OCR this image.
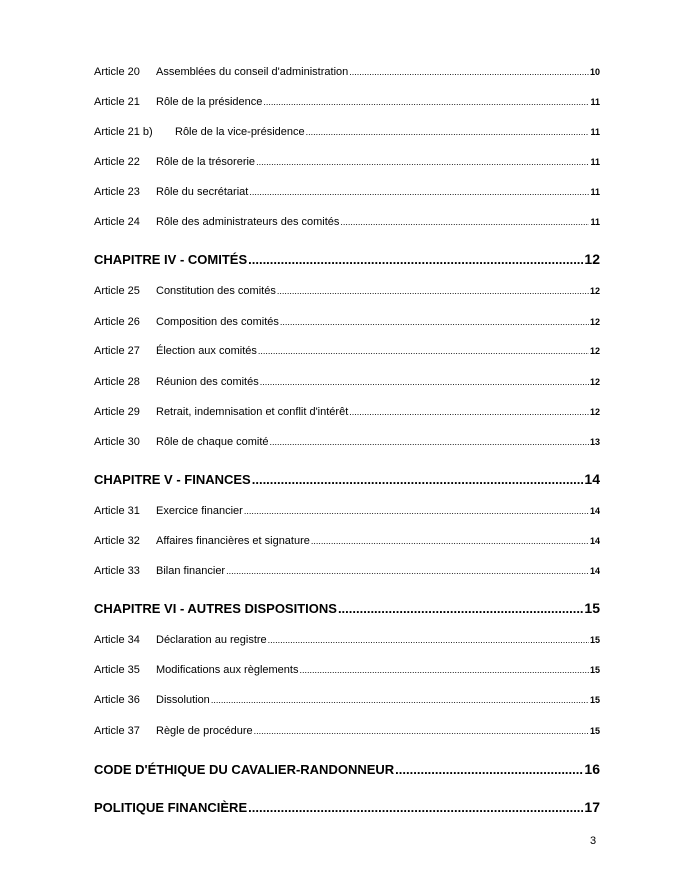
Article 20	Assemblées du conseil d'administration .....	10
Article 21	Rôle de la présidence .....	11
Article 21 b)	Rôle de la vice-présidence .....	11
Article 22	Rôle de la trésorerie .....	11
Article 23	Rôle du secrétariat .....	11
Article 24	Rôle des administrateurs des comités .....	11
CHAPITRE IV - COMITÉS .....	12
Article 25	Constitution des comités .....	12
Article 26	Composition des comités .....	12
Article 27	Élection aux comités .....	12
Article 28	Réunion des comités .....	12
Article 29	Retrait, indemnisation et conflit d'intérêt .....	12
Article 30	Rôle de chaque comité .....	13
CHAPITRE V - FINANCES .....	14
Article 31	Exercice financier .....	14
Article 32	Affaires financières et signature .....	14
Article 33	Bilan financier .....	14
CHAPITRE VI - AUTRES DISPOSITIONS .....	15
Article 34	Déclaration au registre .....	15
Article 35	Modifications aux règlements .....	15
Article 36	Dissolution .....	15
Article 37	Règle de procédure .....	15
CODE D'ÉTHIQUE DU CAVALIER-RANDONNEUR .....	16
POLITIQUE FINANCIÈRE .....	17
3
